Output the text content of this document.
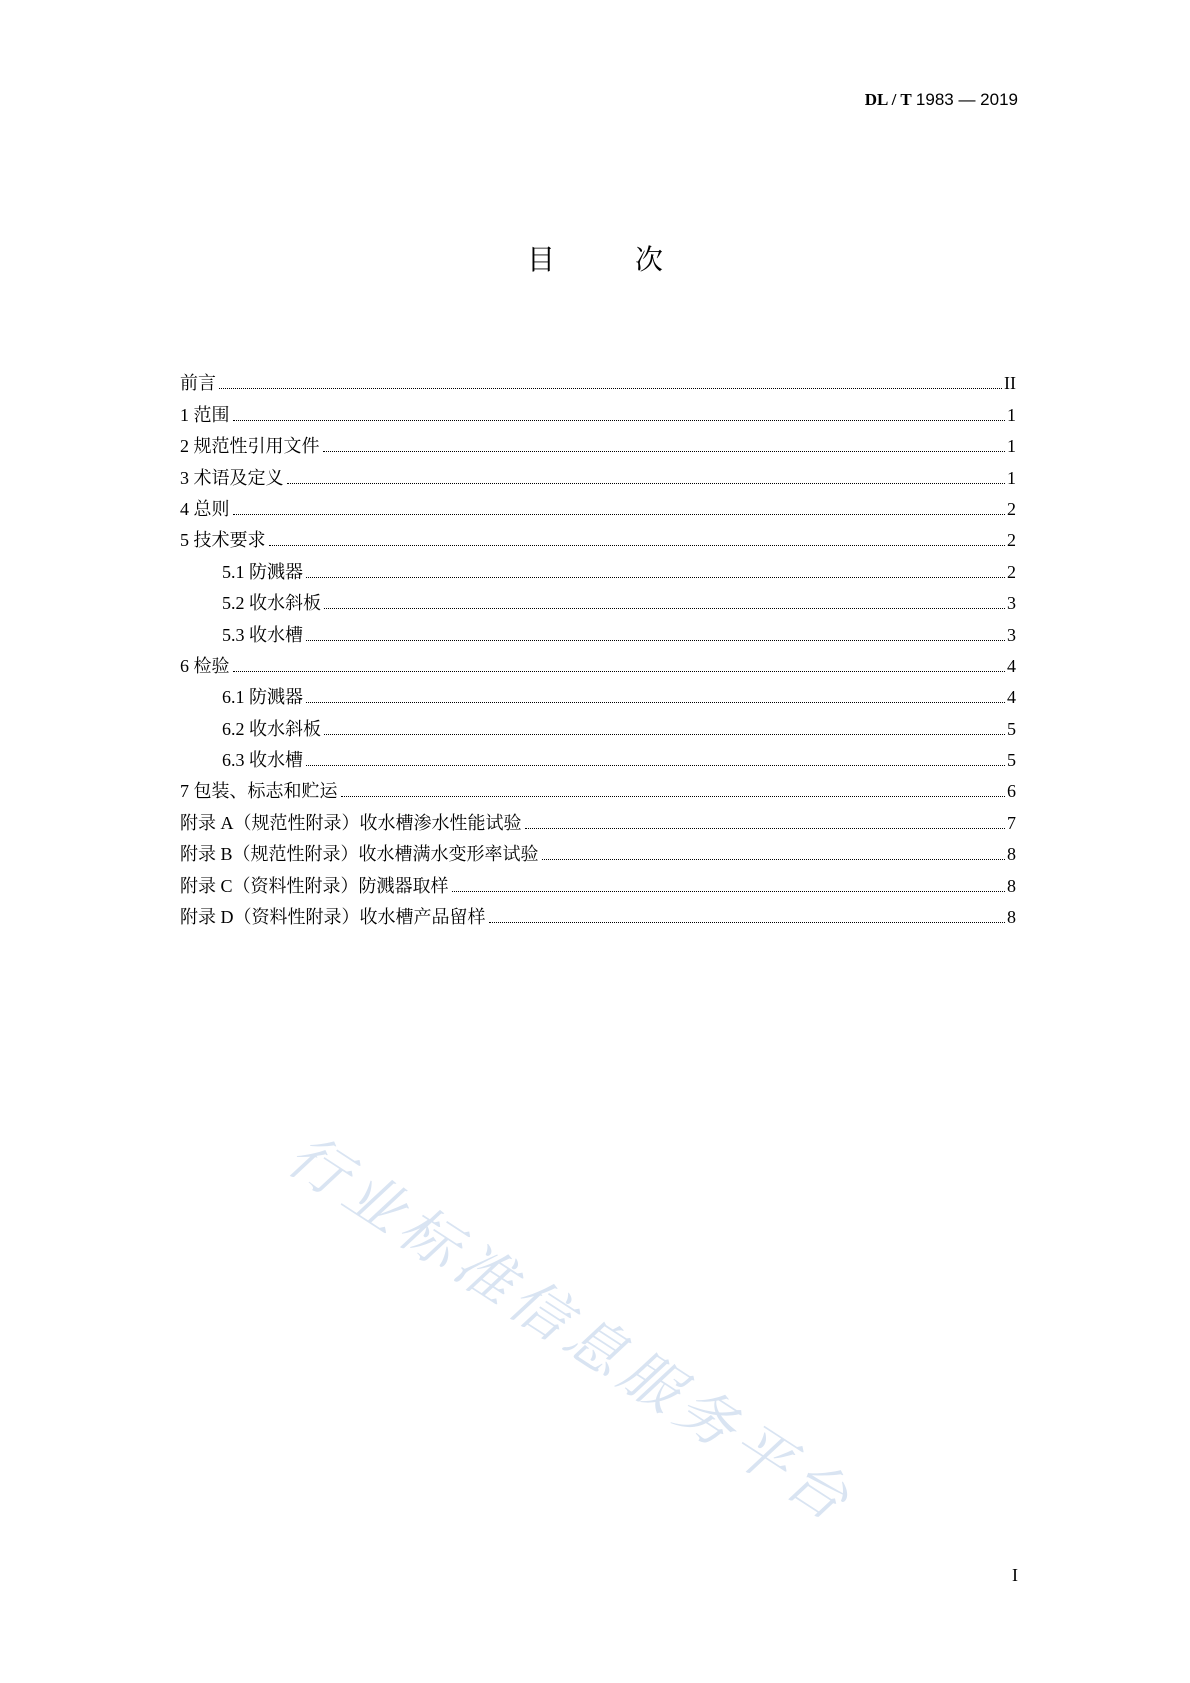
DL / T 1983 — 2019
目　次
前言	II
1 范围	1
2 规范性引用文件	1
3 术语及定义	1
4 总则	2
5 技术要求	2
5.1 防溅器	2
5.2 收水斜板	3
5.3 收水槽	3
6 检验	4
6.1 防溅器	4
6.2 收水斜板	5
6.3 收水槽	5
7 包装、标志和贮运	6
附录 A（规范性附录）收水槽渗水性能试验	7
附录 B（规范性附录）收水槽满水变形率试验	8
附录 C（资料性附录）防溅器取样	8
附录 D（资料性附录）收水槽产品留样	8
行业标准信息服务平台
I
